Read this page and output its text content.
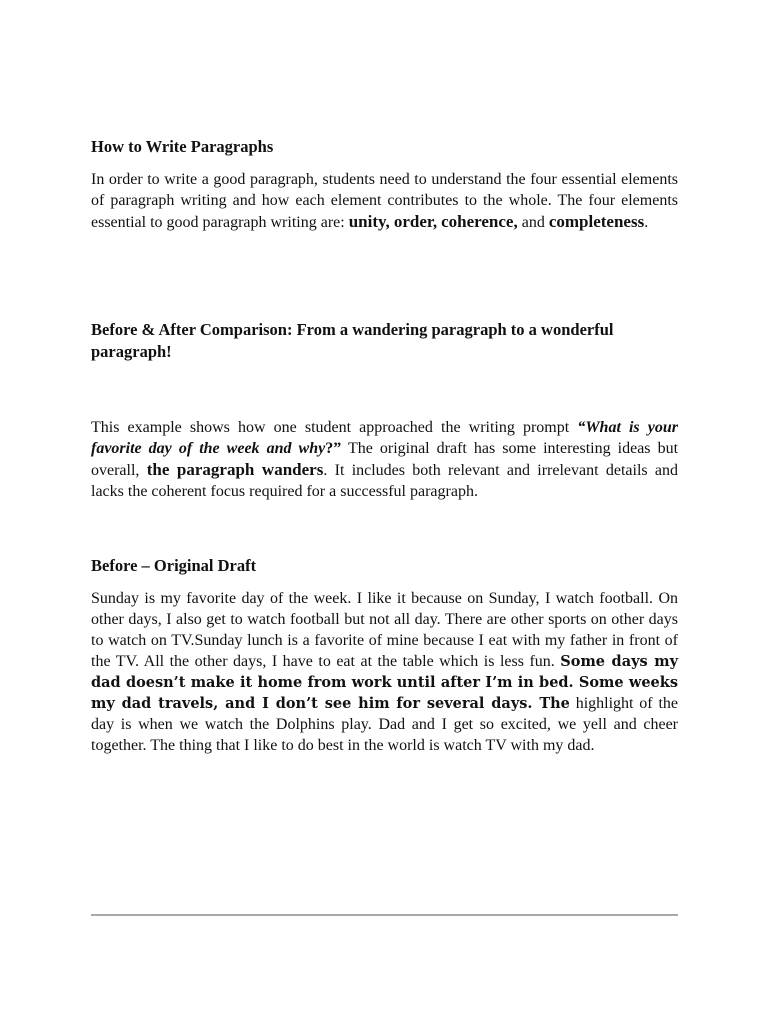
How to Write Paragraphs

In order to write a good paragraph, students need to understand the four essential elements of paragraph writing and how each element contributes to the whole. The four elements essential to good paragraph writing are: unity, order, coherence, and completeness.

Before & After Comparison: From a wandering paragraph to a wonderful paragraph!

This example shows how one student approached the writing prompt “What is your favorite day of the week and why?” The original draft has some interesting ideas but overall, the paragraph wanders. It includes both relevant and irrelevant details and lacks the coherent focus required for a successful paragraph.

Before – Original Draft

Sunday is my favorite day of the week. I like it because on Sunday, I watch football. On other days, I also get to watch football but not all day. There are other sports on other days to watch on TV.Sunday lunch is a favorite of mine because I eat with my father in front of the TV. All the other days, I have to eat at the table which is less fun. Some days my dad doesn’t make it home from work until after I’m in bed. Some weeks my dad travels, and I don’t see him for several days. The highlight of the day is when we watch the Dolphins play. Dad and I get so excited, we yell and cheer together. The thing that I like to do best in the world is watch TV with my dad.
